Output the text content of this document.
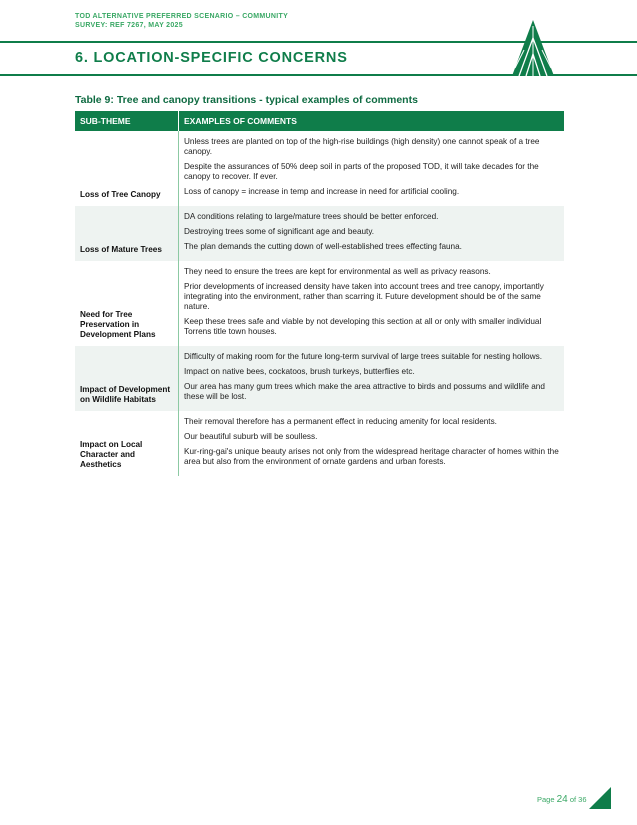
TOD ALTERNATIVE PREFERRED SCENARIO – COMMUNITY
SURVEY: REF 7267, MAY 2025
6. LOCATION-SPECIFIC CONCERNS
Table 9: Tree and canopy transitions - typical examples of comments
SUB-THEME	EXAMPLES OF COMMENTS
Loss of Tree Canopy	Unless trees are planted on top of the high-rise buildings (high density) one cannot speak of a tree canopy.

Despite the assurances of 50% deep soil in parts of the proposed TOD, it will take decades for the canopy to recover. If ever.

Loss of canopy = increase in temp and increase in need for artificial cooling.

Loss of Mature Trees	DA conditions relating to large/mature trees should be better enforced.

Destroying trees some of significant age and beauty.

The plan demands the cutting down of well-established trees effecting fauna.

Need for Tree Preservation in Development Plans	They need to ensure the trees are kept for environmental as well as privacy reasons.

Prior developments of increased density have taken into account trees and tree canopy, importantly integrating into the environment, rather than scarring it. Future development should be of the same nature.

Keep these trees safe and viable by not developing this section at all or only with smaller individual Torrens title town houses.

Impact of Development on Wildlife Habitats	Difficulty of making room for the future long-term survival of large trees suitable for nesting hollows.

Impact on native bees, cockatoos, brush turkeys, butterflies etc.

Our area has many gum trees which make the area attractive to birds and possums and wildlife and these will be lost.

Impact on Local Character and Aesthetics	Their removal therefore has a permanent effect in reducing amenity for local residents.

Our beautiful suburb will be soulless.

Kur-ring-gai's unique beauty arises not only from the widespread heritage character of homes within the area but also from the environment of ornate gardens and urban forests.

Page 24 of 36
